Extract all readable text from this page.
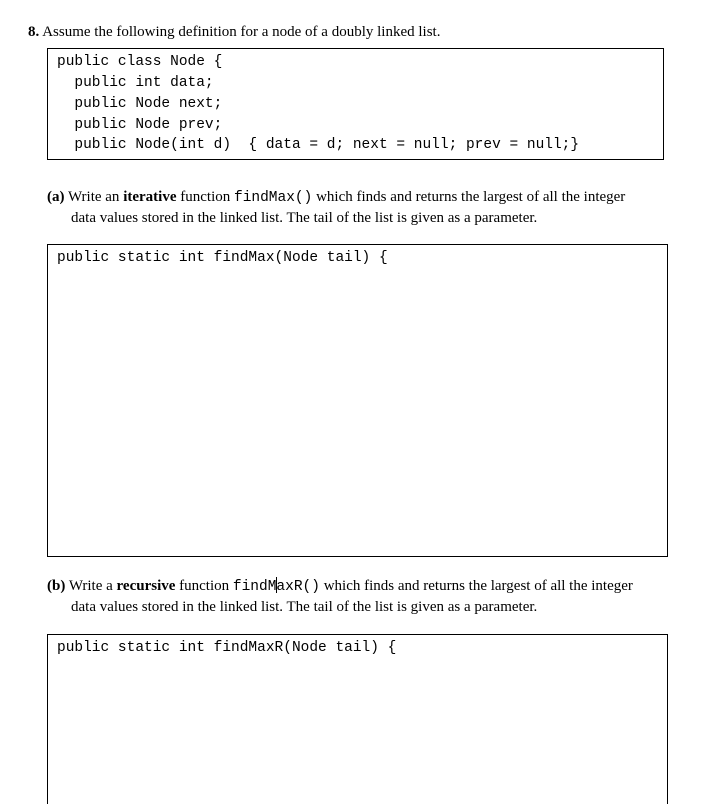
8. Assume the following definition for a node of a doubly linked list.
public class Node {
public int data;
public Node next;
public Node prev;
public Node(int d)  { data = d; next = null; prev = null;}
(a) Write an iterative function findMax() which finds and returns the largest of all the integer
data values stored in the linked list. The tail of the list is given as a parameter.
public static int findMax(Node tail) {
(b) Write a recursive function findMaxR() which finds and returns the largest of all the integer
data values stored in the linked list. The tail of the list is given as a parameter.
public static int findMaxR(Node tail) {
